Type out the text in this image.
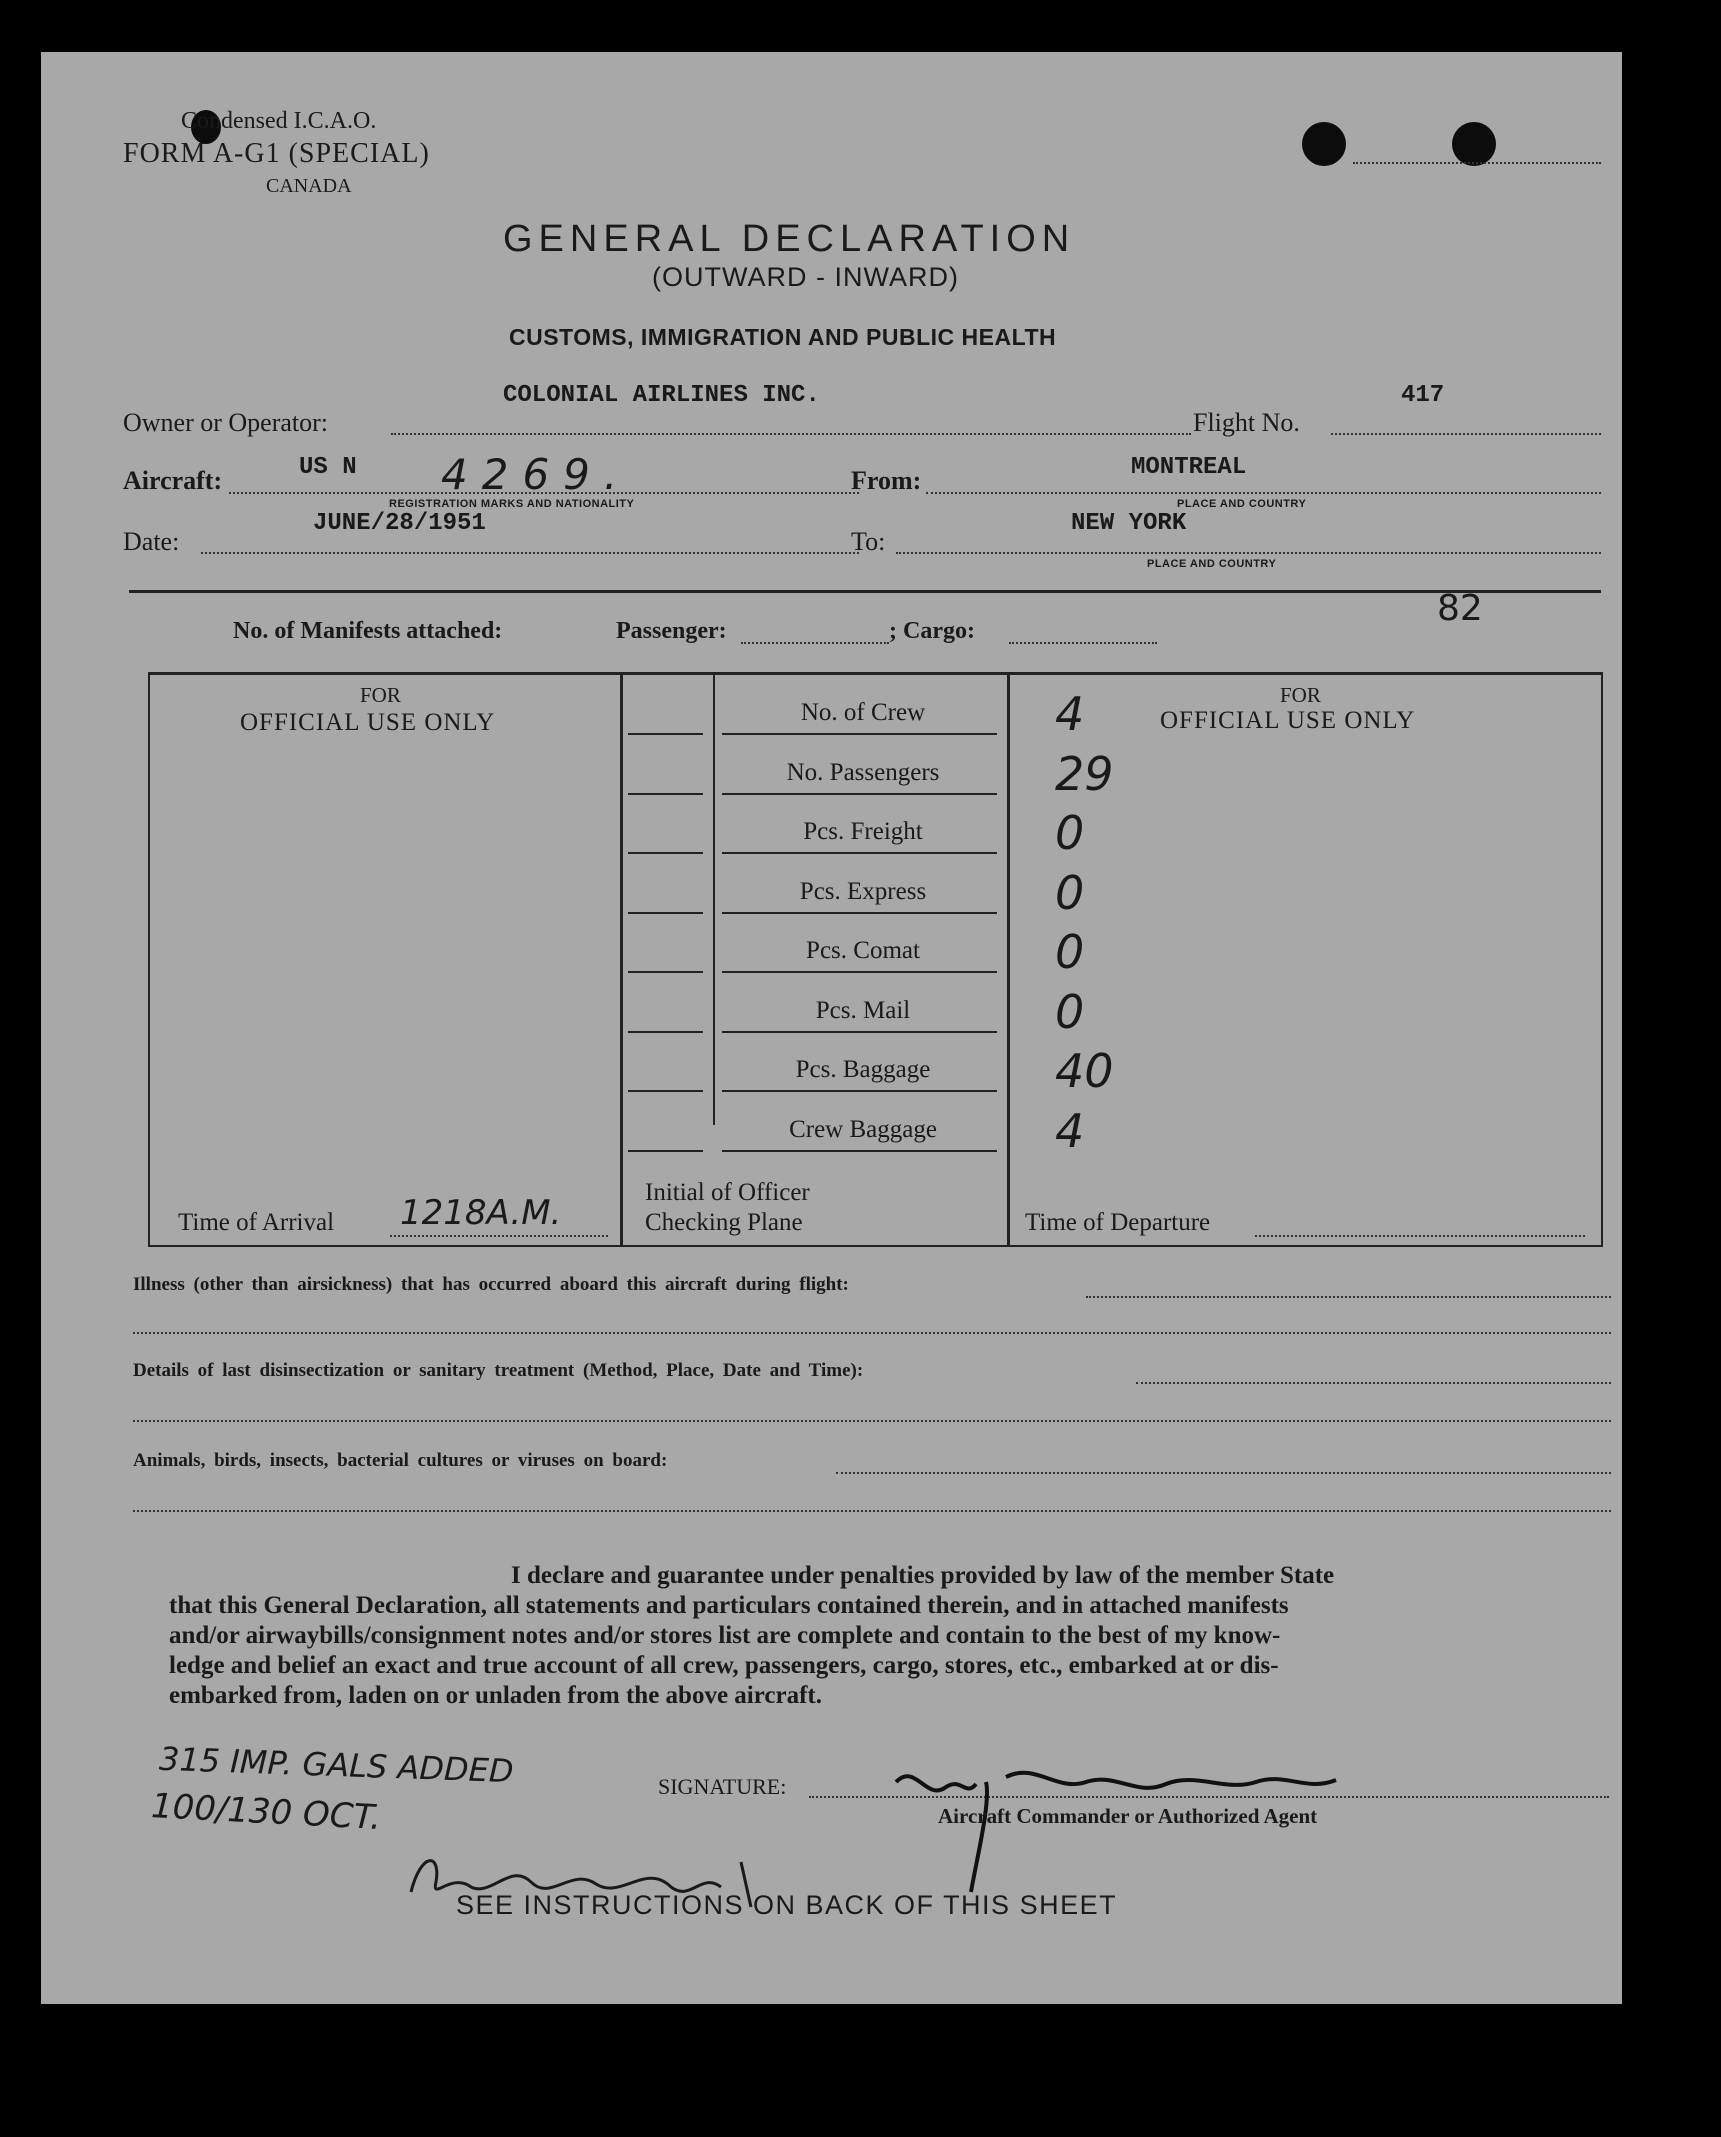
Condensed I.C.A.O.
FORM A-G1 (SPECIAL)
CANADA
GENERAL DECLARATION
(OUTWARD - INWARD)
CUSTOMS, IMMIGRATION AND PUBLIC HEALTH
Owner or Operator:
COLONIAL AIRLINES INC.
Flight No.
417
Aircraft:	US N 4269.
REGISTRATION MARKS AND NATIONALITY
From:	MONTREAL
PLACE AND COUNTRY
Date:
JUNE/28/1951
To:
NEW YORK
PLACE AND COUNTRY
82
No. of Manifests attached:	Passenger:	; Cargo:
FOR
OFFICIAL USE ONLY
FOR
OFFICIAL USE ONLY
No. of Crew	4
No. Passengers	29
Pcs. Freight	0
Pcs. Express	0
Pcs. Comat	0
Pcs. Mail	0
Pcs. Baggage	40
Crew Baggage	4
Time of Arrival 1218A.M.
Initial of Officer
Checking Plane	Time of Departure
Illness (other than airsickness) that has occurred aboard this aircraft during flight:
Details of last disinsectization or sanitary treatment (Method, Place, Date and Time):
Animals, birds, insects, bacterial cultures or viruses on board:
I declare and guarantee under penalties provided by law of the member State
that this General Declaration, all statements and particulars contained therein, and in attached manifests
and/or airwaybills/consignment notes and/or stores list are complete and contain to the best of my know-
ledge and belief an exact and true account of all crew, passengers, cargo, stores, etc., embarked at or dis-
embarked from, laden on or unladen from the above aircraft.
315 IMP. GALS ADDED
100/130 OCT.	SIGNATURE:
Aircraft Commander or Authorized Agent
SEE INSTRUCTIONS ON BACK OF THIS SHEET
